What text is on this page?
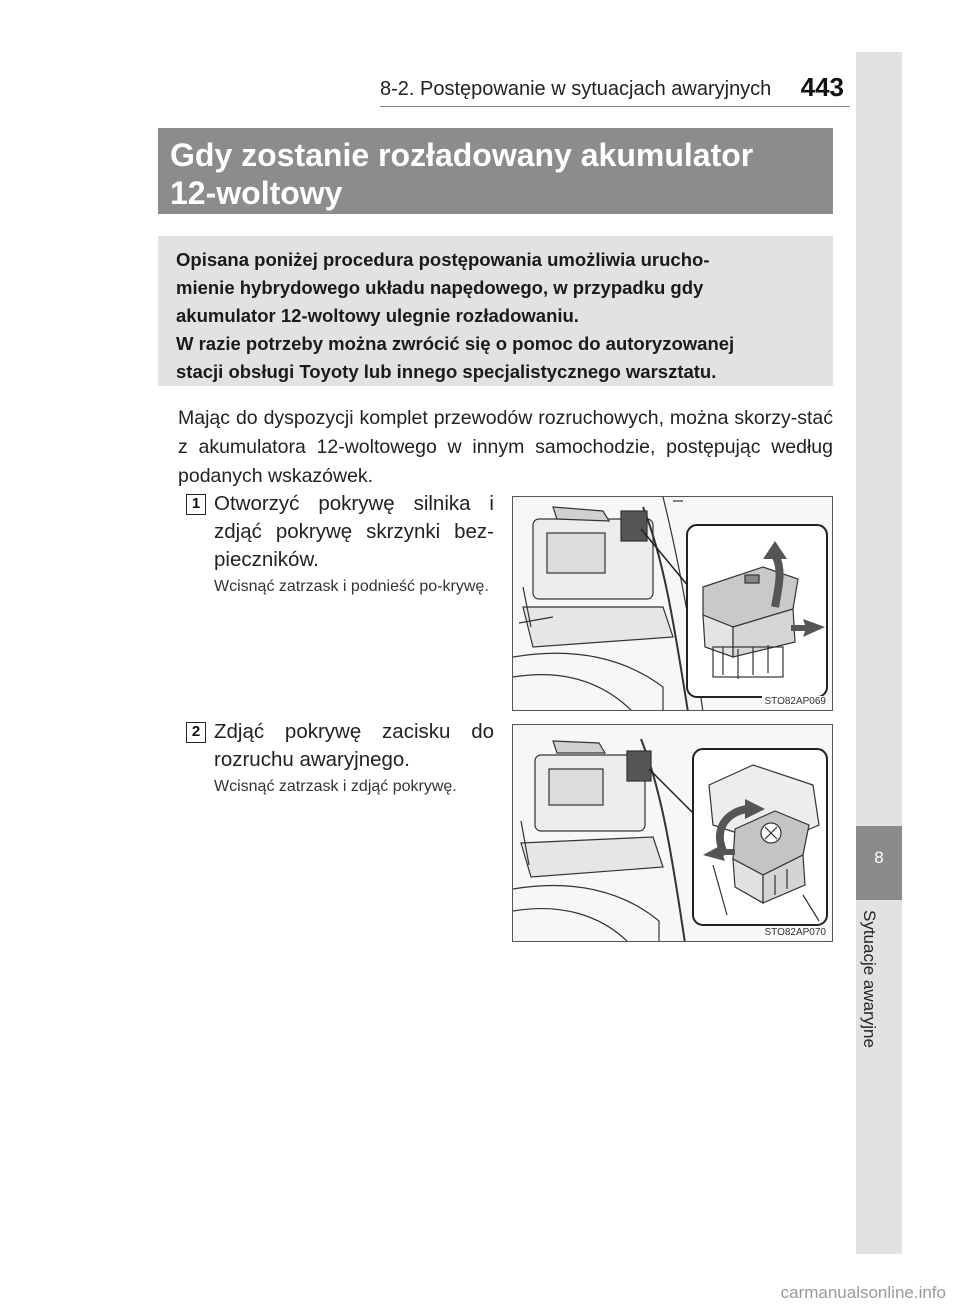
8-2. Postępowanie w sytuacjach awaryjnych 443
8
Sytuacje awaryjne
Gdy zostanie rozładowany akumulator
12-woltowy
Opisana poniżej procedura postępowania umożliwia urucho-
mienie hybrydowego układu napędowego, w przypadku gdy
akumulator 12-woltowy ulegnie rozładowaniu.
W razie potrzeby można zwrócić się o pomoc do autoryzowanej
stacji obsługi Toyoty lub innego specjalistycznego warsztatu.
Mając do dyspozycji komplet przewodów rozruchowych, można skorzy-stać z akumulatora 12-woltowego w innym samochodzie, postępując według podanych wskazówek.
1 Otworzyć pokrywę silnika i zdjąć pokrywę skrzynki bez-pieczników.
Wcisnąć zatrzask i podnieść po-krywę.
STO82AP069
2 Zdjąć pokrywę zacisku do rozruchu awaryjnego.
Wcisnąć zatrzask i zdjąć pokrywę.
STO82AP070
carmanualsonline.info
